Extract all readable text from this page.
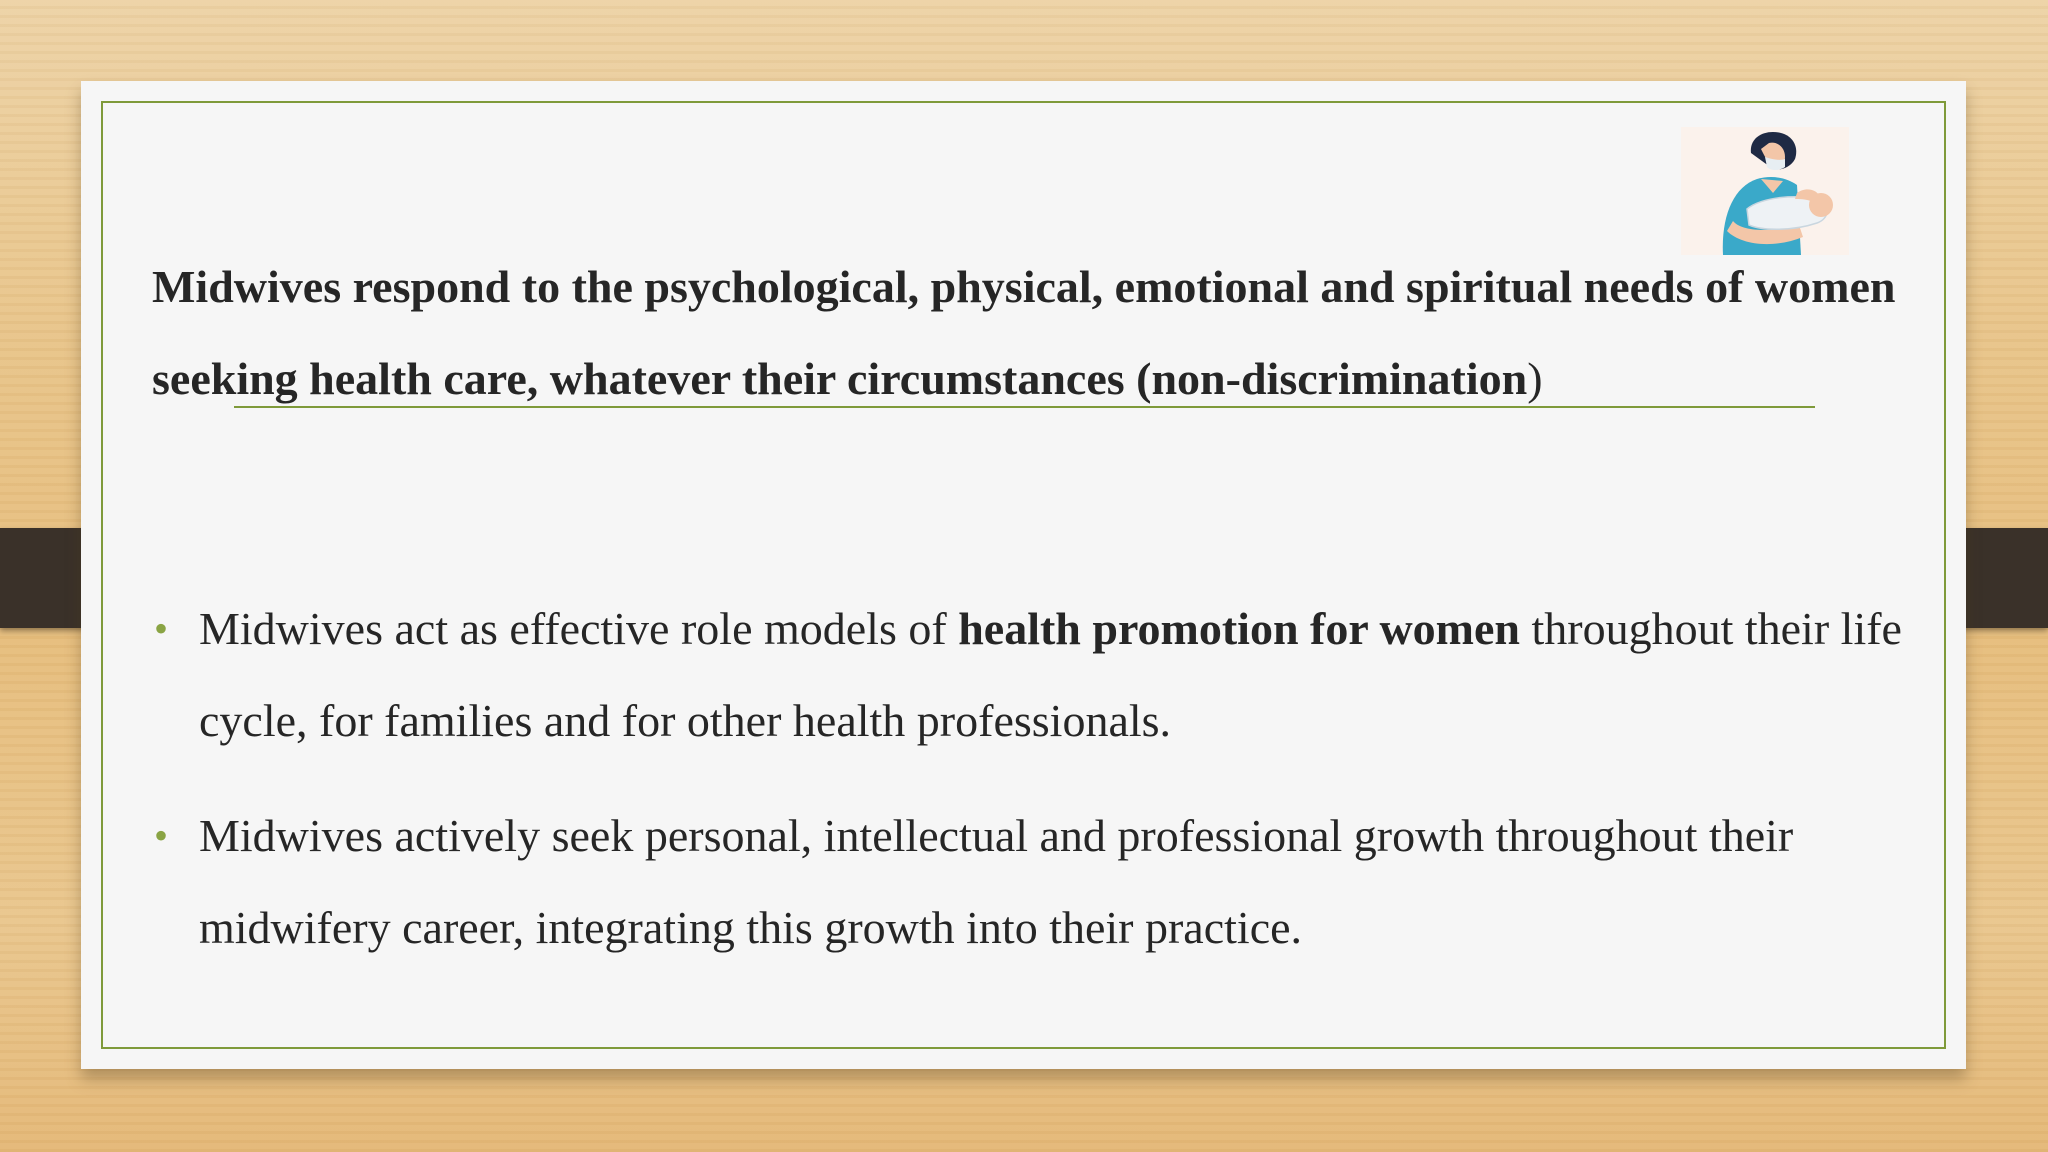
Midwives respond to the psychological, physical, emotional and spiritual needs of women seeking health care, whatever their circumstances (non-discrimination)

• Midwives act as effective role models of health promotion for women throughout their life cycle, for families and for other health professionals.
• Midwives actively seek personal, intellectual and professional growth throughout their midwifery career, integrating this growth into their practice.
